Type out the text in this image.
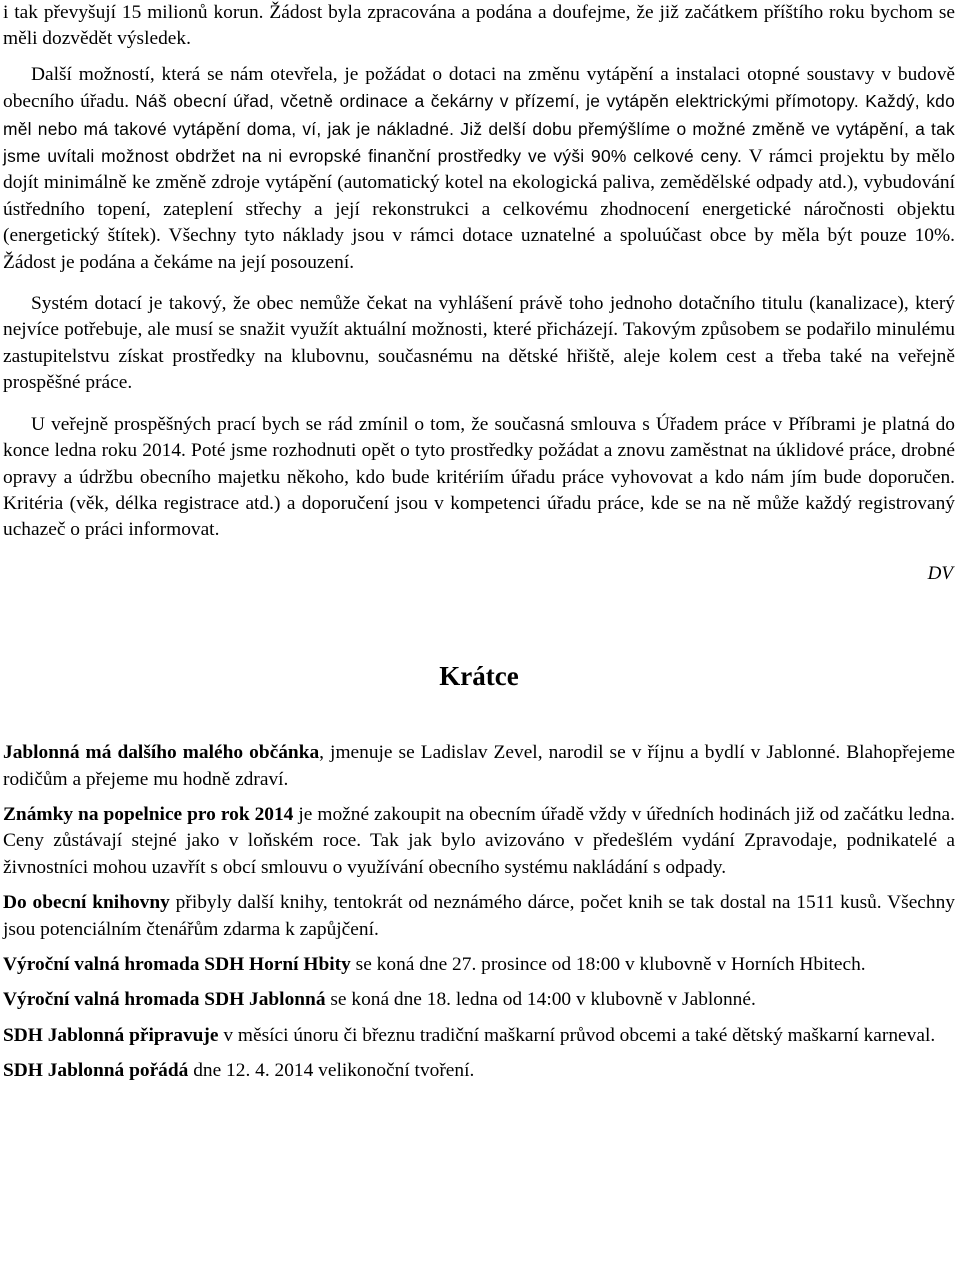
i tak převyšují 15 milionů korun. Žádost byla zpracována a podána a doufejme, že již začátkem příštího roku bychom se měli dozvědět výsledek.

Další možností, která se nám otevřela, je požádat o dotaci na změnu vytápění a instalaci otopné soustavy v budově obecního úřadu. Náš obecní úřad, včetně ordinace a čekárny v přízemí, je vytápěn elektrickými přímotopy. Každý, kdo měl nebo má takové vytápění doma, ví, jak je nákladné. Již delší dobu přemýšlíme o možné změně ve vytápění, a tak jsme uvítali možnost obdržet na ni evropské finanční prostředky ve výši 90% celkové ceny. V rámci projektu by mělo dojít minimálně ke změně zdroje vytápění (automatický kotel na ekologická paliva, zemědělské odpady atd.), vybudování ústředního topení, zateplení střechy a její rekonstrukci a celkovému zhodnocení energetické náročnosti objektu (energetický štítek). Všechny tyto náklady jsou v rámci dotace uznatelné a spoluúčast obce by měla být pouze 10%. Žádost je podána a čekáme na její posouzení.

Systém dotací je takový, že obec nemůže čekat na vyhlášení právě toho jednoho dotačního titulu (kanalizace), který nejvíce potřebuje, ale musí se snažit využít aktuální možnosti, které přicházejí. Takovým způsobem se podařilo minulému zastupitelstvu získat prostředky na klubovnu, současnému na dětské hřiště, aleje kolem cest a třeba také na veřejně prospěšné práce.

U veřejně prospěšných prací bych se rád zmínil o tom, že současná smlouva s Úřadem práce v Příbrami je platná do konce ledna roku 2014. Poté jsme rozhodnuti opět o tyto prostředky požádat a znovu zaměstnat na úklidové práce, drobné opravy a údržbu obecního majetku někoho, kdo bude kritériím úřadu práce vyhovovat a kdo nám jím bude doporučen. Kritéria (věk, délka registrace atd.) a doporučení jsou v kompetenci úřadu práce, kde se na ně může každý registrovaný uchazeč o práci informovat.

DV

Krátce

Jablonná má dalšího malého občánka, jmenuje se Ladislav Zevel, narodil se v říjnu a bydlí v Jablonné. Blahopřejeme rodičům a přejeme mu hodně zdraví.

Známky na popelnice pro rok 2014 je možné zakoupit na obecním úřadě vždy v úředních hodinách již od začátku ledna. Ceny zůstávají stejné jako v loňském roce. Tak jak bylo avizováno v předešlém vydání Zpravodaje, podnikatelé a živnostníci mohou uzavřít s obcí smlouvu o využívání obecního systému nakládání s odpady.

Do obecní knihovny přibyly další knihy, tentokrát od neznámého dárce, počet knih se tak dostal na 1511 kusů. Všechny jsou potenciálním čtenářům zdarma k zapůjčení.

Výroční valná hromada SDH Horní Hbity se koná dne 27. prosince od 18:00 v klubovně v Horních Hbitech.

Výroční valná hromada SDH Jablonná se koná dne 18. ledna od 14:00 v klubovně v Jablonné.

SDH Jablonná připravuje v měsíci únoru či březnu tradiční maškarní průvod obcemi a také dětský maškarní karneval.

SDH Jablonná pořádá dne 12. 4. 2014 velikonoční tvoření.
